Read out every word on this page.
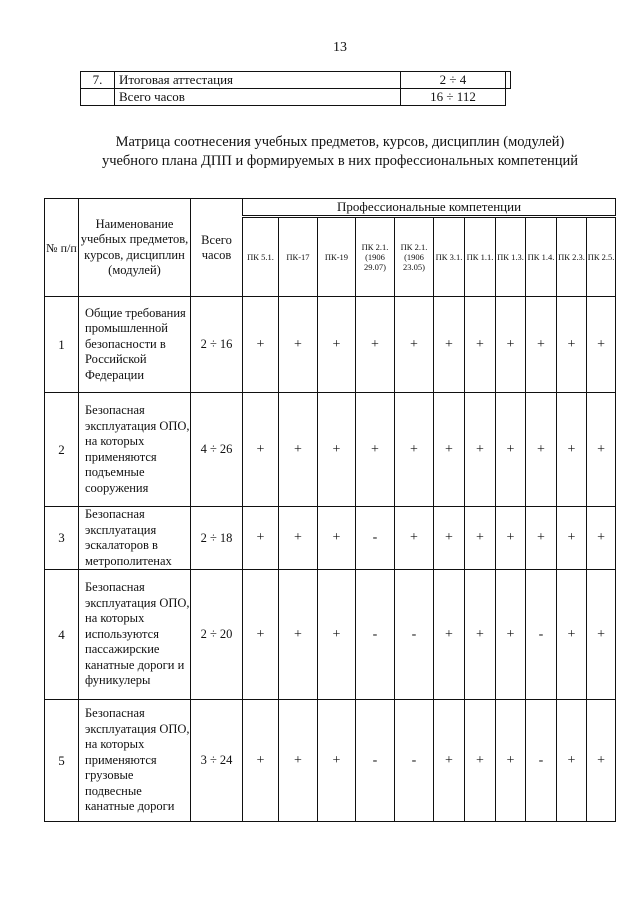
13
7.	Итоговая аттестация	2 ÷ 4	
	Всего часов	16 ÷ 112	
Матрица соотнесения учебных предметов, курсов, дисциплин (модулей)
учебного плана ДПП и формируемых в них профессиональных компетенций
№ п/п	Наименование учебных предметов, курсов, дисциплин (модулей)	Всего часов	Профессиональные компетенции										
			ПК 5.1.	ПК-17	ПК-19	ПК 2.1. (1906 29.07)	ПК 2.1. (1906 23.05)	ПК 3.1.	ПК 1.1.	ПК 1.3.	ПК 1.4.	ПК 2.3.	ПК 2.5.
1	Общие требования промышленной безопасности в Российской Федерации	2 ÷ 16	+	+	+	+	+	+	+	+	+	+	+
2	Безопасная эксплуатация ОПО, на которых применяются подъемные сооружения	4 ÷ 26	+	+	+	+	+	+	+	+	+	+	+
3	Безопасная эксплуатация эскалаторов в метрополитенах	2 ÷ 18	+	+	+	-	+	+	+	+	+	+	+
4	Безопасная эксплуатация ОПО, на которых используются пассажирские канатные дороги и фуникулеры	2 ÷ 20	+	+	+	-	-	+	+	+	-	+	+
5	Безопасная эксплуатация ОПО, на которых применяются грузовые подвесные канатные дороги	3 ÷ 24	+	+	+	-	-	+	+	+	-	+	+
